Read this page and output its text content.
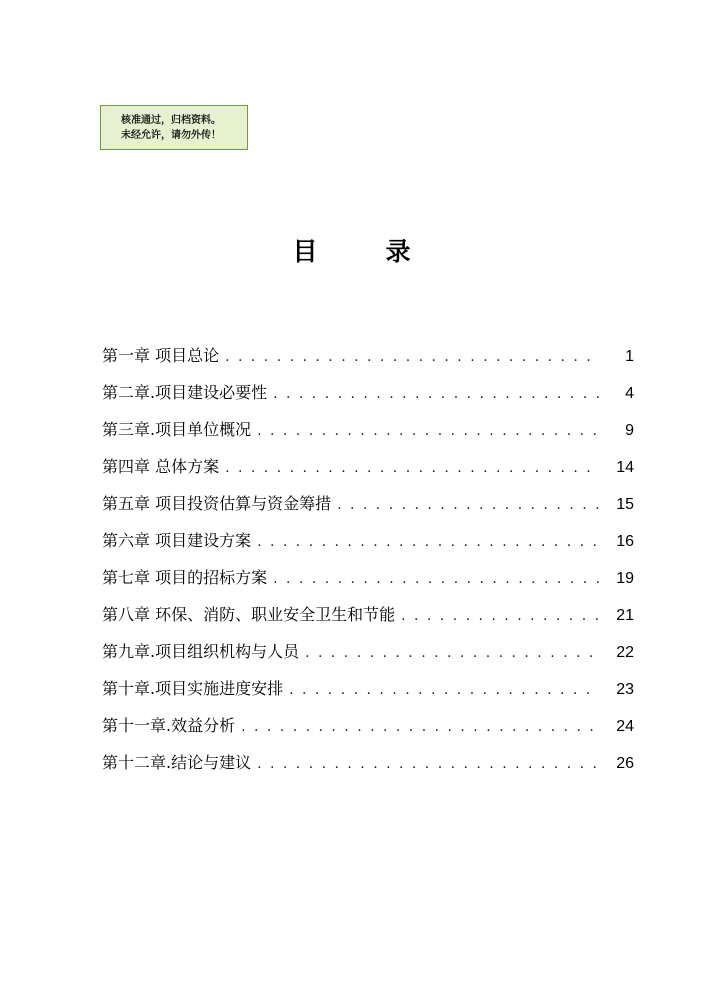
核准通过，归档资料。
未经允许，请勿外传！
目录
第一章 项目总论 . . .	1
第二章.项目建设必要性 . . .	4
第三章.项目单位概况 . . .	9
第四章 总体方案 . . .	14
第五章 项目投资估算与资金筹措 . . .	15
第六章 项目建设方案 . . .	16
第七章 项目的招标方案 . . .	19
第八章 环保、消防、职业安全卫生和节能 . . .	21
第九章.项目组织机构与人员 . . .	22
第十章.项目实施进度安排 . . .	23
第十一章.效益分析 . . .	24
第十二章.结论与建议 . . .	26
